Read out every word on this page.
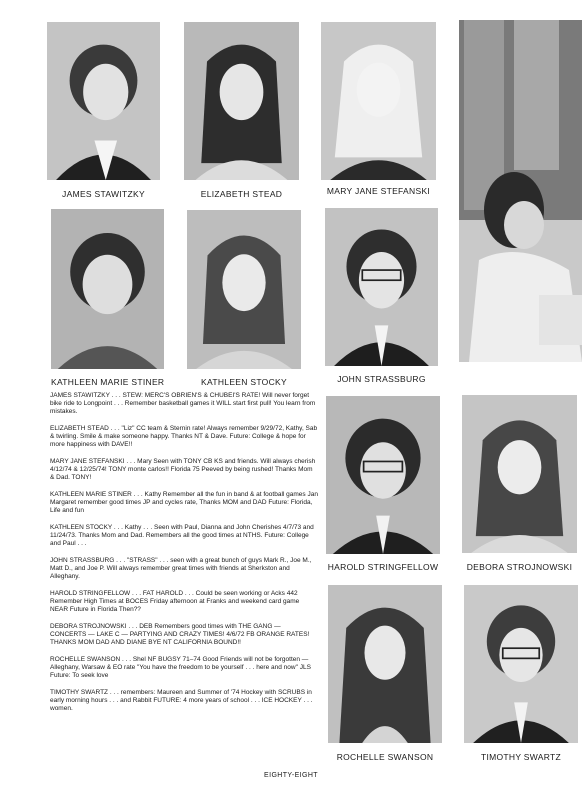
JAMES STAWITZKY	ELIZABETH STEAD	MARY JANE STEFANSKI
KATHLEEN MARIE STINER	KATHLEEN STOCKY	JOHN STRASSBURG
HAROLD STRINGFELLOW	DEBORA STROJNOWSKI
ROCHELLE SWANSON	TIMOTHY SWARTZ

JAMES STAWITZKY . . . STEW: MERC'S OBRIEN'S & CHUBEI'S RATE! Will never forget bike ride to Longpoint . . . Remember basketball games it WILL start first pull! You learn from mistakes.

ELIZABETH STEAD . . . "Liz" CC team & Sternin rate! Always remember 9/29/72, Kathy, Sab & twirling. Smile & make someone happy. Thanks NT & Dave. Future: College & hope for more happiness with DAVE!!

MARY JANE STEFANSKI . . . Mary Seen with TONY CB KS and friends. Will always cherish 4/12/74 & 12/25/74! TONY monte carlos!! Florida 75 Peeved by being rushed! Thanks Mom & Dad. TONY!

KATHLEEN MARIE STINER . . . Kathy Remember all the fun in band & at football games Jan Margaret remember good times JP and cycles rate, Thanks MOM and DAD Future: Florida, Life and fun

KATHLEEN STOCKY . . . Kathy . . . Seen with Paul, Dianna and John Cherishes 4/7/73 and 11/24/73. Thanks Mom and Dad. Remembers all the good times at NTHS. Future: College and Paul . . .

JOHN STRASSBURG . . . "STRASS" . . . seen with a great bunch of guys Mark R., Joe M., Matt D., and Joe P. Will always remember great times with friends at Sherkston and Alleghany.

HAROLD STRINGFELLOW . . . FAT HAROLD . . . Could be seen working or Acks 442 Remember High Times at BOCES Friday afternoon at Franks and weekend card game NEAR Future in Florida Then??

DEBORA STROJNOWSKI . . . DEB Remembers good times with THE GANG — CONCERTS — LAKE C — PARTYING AND CRAZY TIMES! 4/6/72 FB ORANGE RATES! THANKS MOM DAD AND DIANE BYE NT CALIFORNIA BOUND!!

ROCHELLE SWANSON . . . Shel NF BUGSY 71–74 Good Friends will not be forgotten — Alleghany, Warsaw & EO rate "You have the freedom to be yourself . . . here and now" JLS Future: To seek love

TIMOTHY SWARTZ . . . remembers: Maureen and Summer of '74 Hockey with SCRUBS in early morning hours . . . and Rabbit FUTURE: 4 more years of school . . . ICE HOCKEY . . . women.

EIGHTY-EIGHT
